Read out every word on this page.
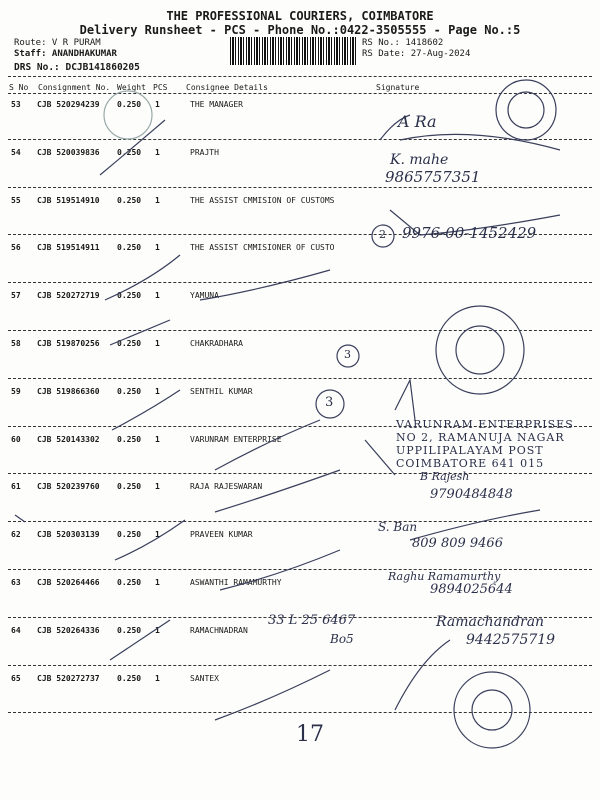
THE PROFESSIONAL COURIERS, COIMBATORE
Delivery Runsheet - PCS - Phone No.:0422-3505555 - Page No.:5
Route: V R PURAM
Staff: ANANDHAKUMAR
DRS No.: DCJB141860205
RS No.: 1418602
RS Date: 27-Aug-2024
S No Consignment No. Weight PCS Consignee Details	Signature
53 CJB 520294239 0.250 1	THE MANAGER
54 CJB 520039836 0.250 1	PRAJTH
55 CJB 519514910 0.250 1	THE ASSIST CMMISION OF CUSTOMS
56 CJB 519514911 0.250 1	THE ASSIST CMMISIONER OF CUSTO
57 CJB 520272719 0.250 1	YAMUNA
58 CJB 519870256 0.250 1	CHAKRADHARA
59 CJB 519866360 0.250 1	SENTHIL KUMAR
60 CJB 520143302 0.250 1	VARUNRAM ENTERPRISE
61 CJB 520239760 0.250 1	RAJA RAJESWARAN
62 CJB 520303139 0.250 1	PRAVEEN KUMAR
63 CJB 520264466 0.250 1	ASWANTHI RAMAMURTHY
64 CJB 520264336 0.250 1	RAMACHNADRAN
65 CJB 520272737 0.250 1	SANTEX
A Ra
K. mahe
9865757351
2 9976-00-1452429
3
3
B Rajesh
9790484848
S. Ban
809 809 9466
Raghu Ramamurthy
9894025644
33 L 25 6467
Bo5
Ramachandran
9442575719
17
VARUNRAM ENTERPRISES
NO 2, RAMANUJA NAGAR
UPPILIPALAYAM POST
COIMBATORE 641 015
